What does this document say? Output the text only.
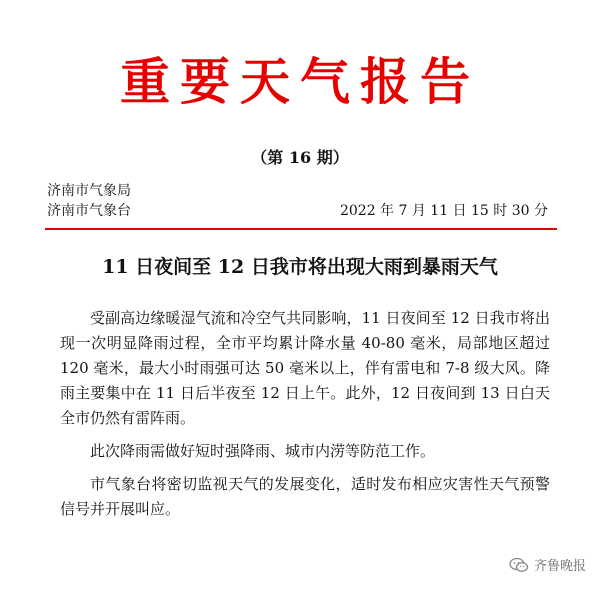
重要天气报告
（第 16 期）
济南市气象局
济南市气象台	2022 年 7 月 11 日 15 时 30 分
11 日夜间至 12 日我市将出现大雨到暴雨天气

受副高边缘暖湿气流和冷空气共同影响，11 日夜间至 12 日我市将出现一次明显降雨过程，全市平均累计降水量 40-80 毫米，局部地区超过 120 毫米，最大小时雨强可达 50 毫米以上，伴有雷电和 7-8 级大风。降雨主要集中在 11 日后半夜至 12 日上午。此外，12 日夜间到 13 日白天全市仍然有雷阵雨。

此次降雨需做好短时强降雨、城市内涝等防范工作。

市气象台将密切监视天气的发展变化，适时发布相应灾害性天气预警信号并开展叫应。

齐鲁晚报
